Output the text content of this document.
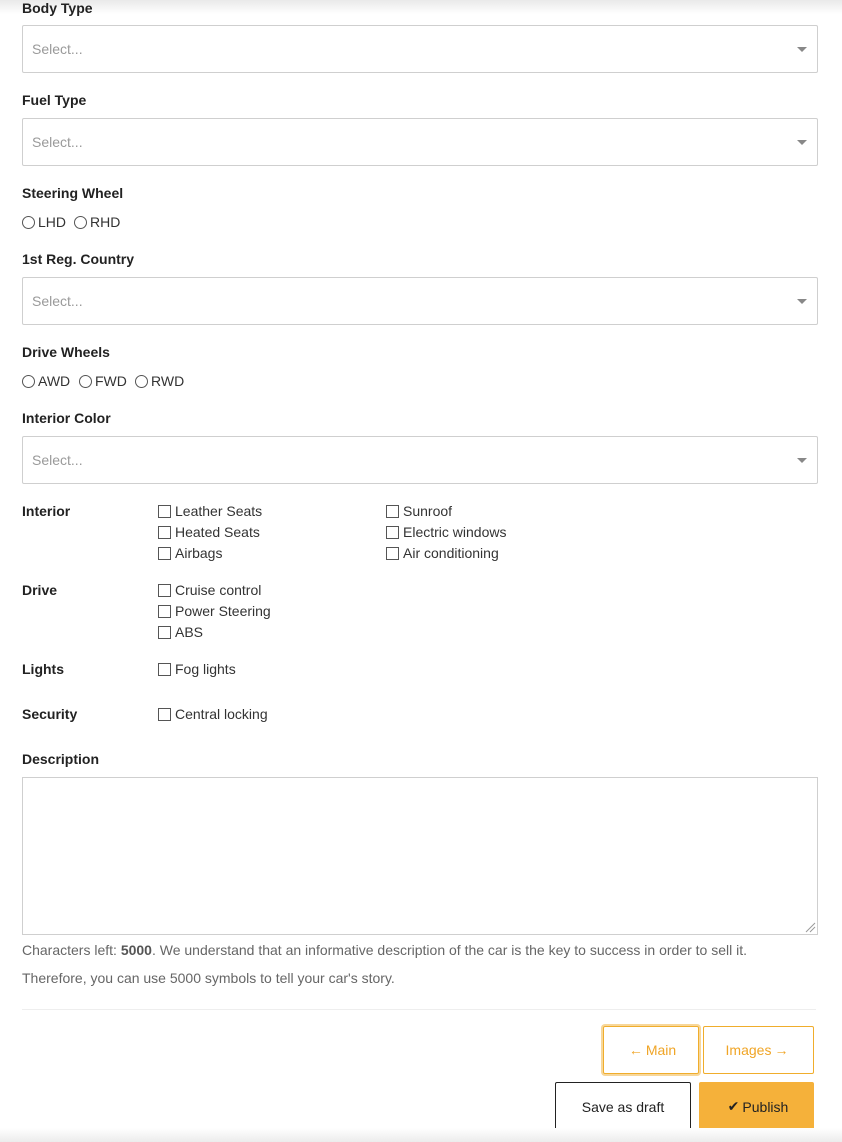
Body Type
Select...
Fuel Type
Select...
Steering Wheel
LHD RHD
1st Reg. Country
Select...
Drive Wheels
AWD FWD RWD
Interior Color
Select...
Interior	Leather Seats
Heated Seats
Airbags
Sunroof
Electric windows
Air conditioning
Drive	Cruise control
Power Steering
ABS
Lights	Fog lights
Security	Central locking
Description
Characters left: 5000. We understand that an informative description of the car is the key to success in order to sell it.
Therefore, you can use 5000 symbols to tell your car's story.
← Main	Images →
Save as draft	✔ Publish
